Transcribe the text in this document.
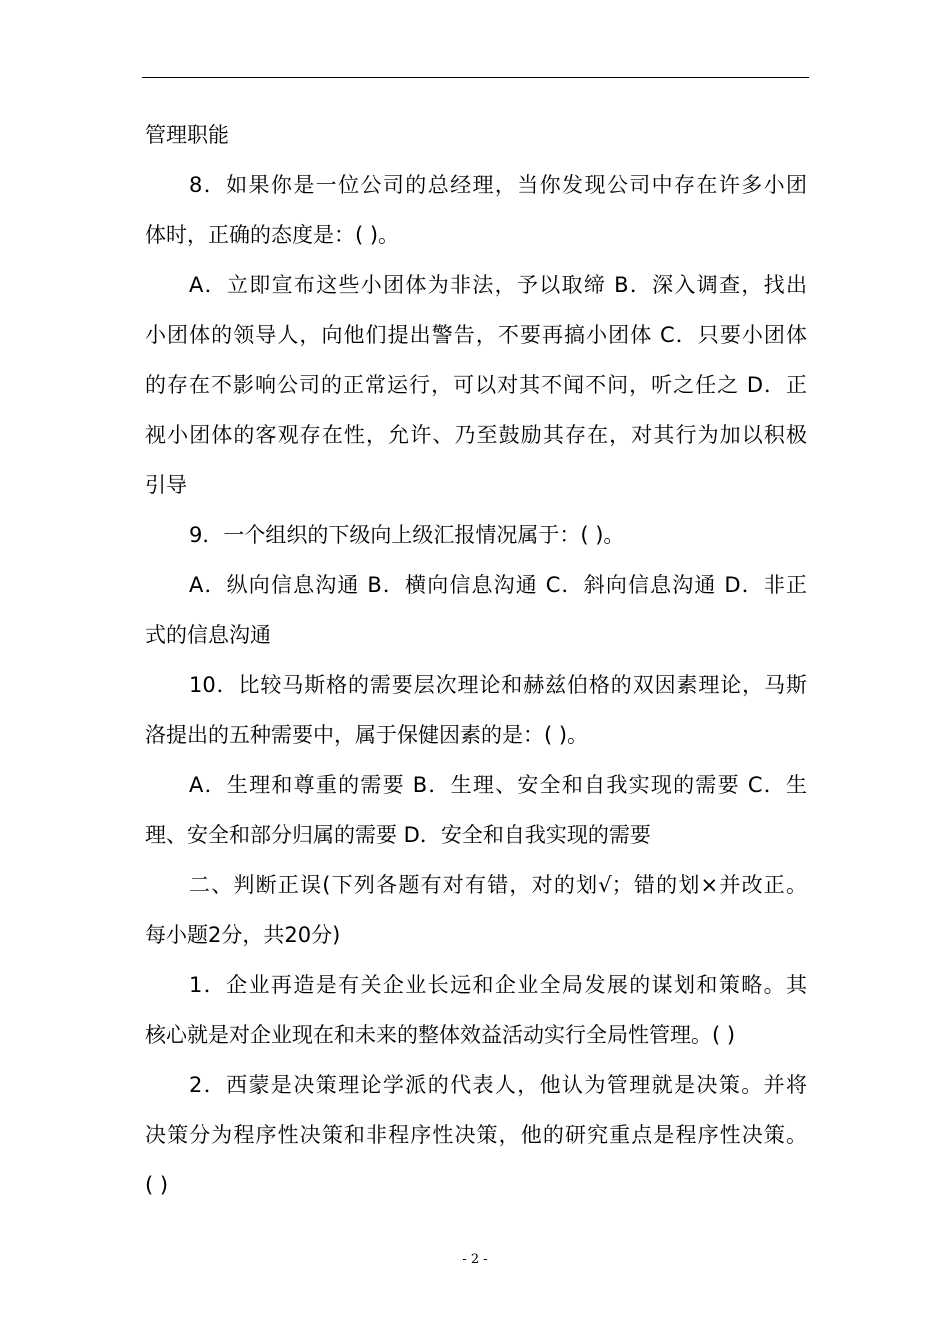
管理职能
8．如果你是一位公司的总经理，当你发现公司中存在许多小团
体时，正确的态度是：( )。
A．立即宣布这些小团体为非法，予以取缔 B．深入调查，找出
小团体的领导人，向他们提出警告，不要再搞小团体 C．只要小团体
的存在不影响公司的正常运行，可以对其不闻不问，听之任之 D．正
视小团体的客观存在性，允许、乃至鼓励其存在，对其行为加以积极
引导
9．一个组织的下级向上级汇报情况属于：( )。
A．纵向信息沟通 B．横向信息沟通 C．斜向信息沟通 D．非正
式的信息沟通
10．比较马斯格的需要层次理论和赫兹伯格的双因素理论，马斯
洛提出的五种需要中，属于保健因素的是：( )。
A．生理和尊重的需要 B．生理、安全和自我实现的需要 C．生
理、安全和部分归属的需要 D．安全和自我实现的需要
二、判断正误(下列各题有对有错，对的划√；错的划×并改正。
每小题2分，共20分)
1．企业再造是有关企业长远和企业全局发展的谋划和策略。其
核心就是对企业现在和未来的整体效益活动实行全局性管理。( )
2．西蒙是决策理论学派的代表人，他认为管理就是决策。并将
决策分为程序性决策和非程序性决策，他的研究重点是程序性决策。
( )
- 2 -
